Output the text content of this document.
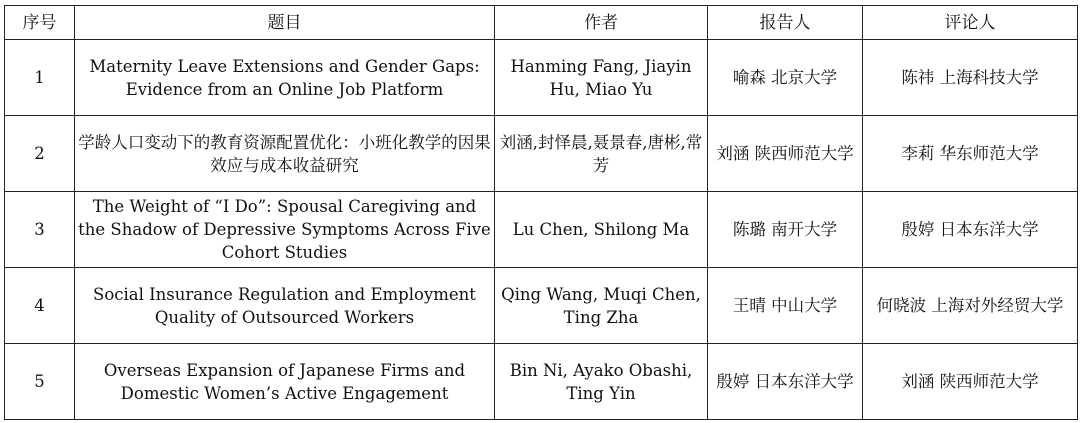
序号	题目	作者	报告人	评论人
1	Maternity Leave Extensions and Gender Gaps: Evidence from an Online Job Platform	Hanming Fang, Jiayin Hu, Miao Yu	喻森 北京大学	陈祎 上海科技大学
2	学龄人口变动下的教育资源配置优化：小班化教学的因果效应与成本收益研究	刘涵,封怿晨,聂景春,唐彬,常芳	刘涵 陕西师范大学	李莉 华东师范大学
3	The Weight of “I Do”: Spousal Caregiving and the Shadow of Depressive Symptoms Across Five Cohort Studies	Lu Chen, Shilong Ma	陈璐 南开大学	殷婷 日本东洋大学
4	Social Insurance Regulation and Employment Quality of Outsourced Workers	Qing Wang, Muqi Chen, Ting Zha	王晴 中山大学	何晓波 上海对外经贸大学
5	Overseas Expansion of Japanese Firms and Domestic Women’s Active Engagement	Bin Ni, Ayako Obashi, Ting Yin	殷婷 日本东洋大学	刘涵 陕西师范大学
